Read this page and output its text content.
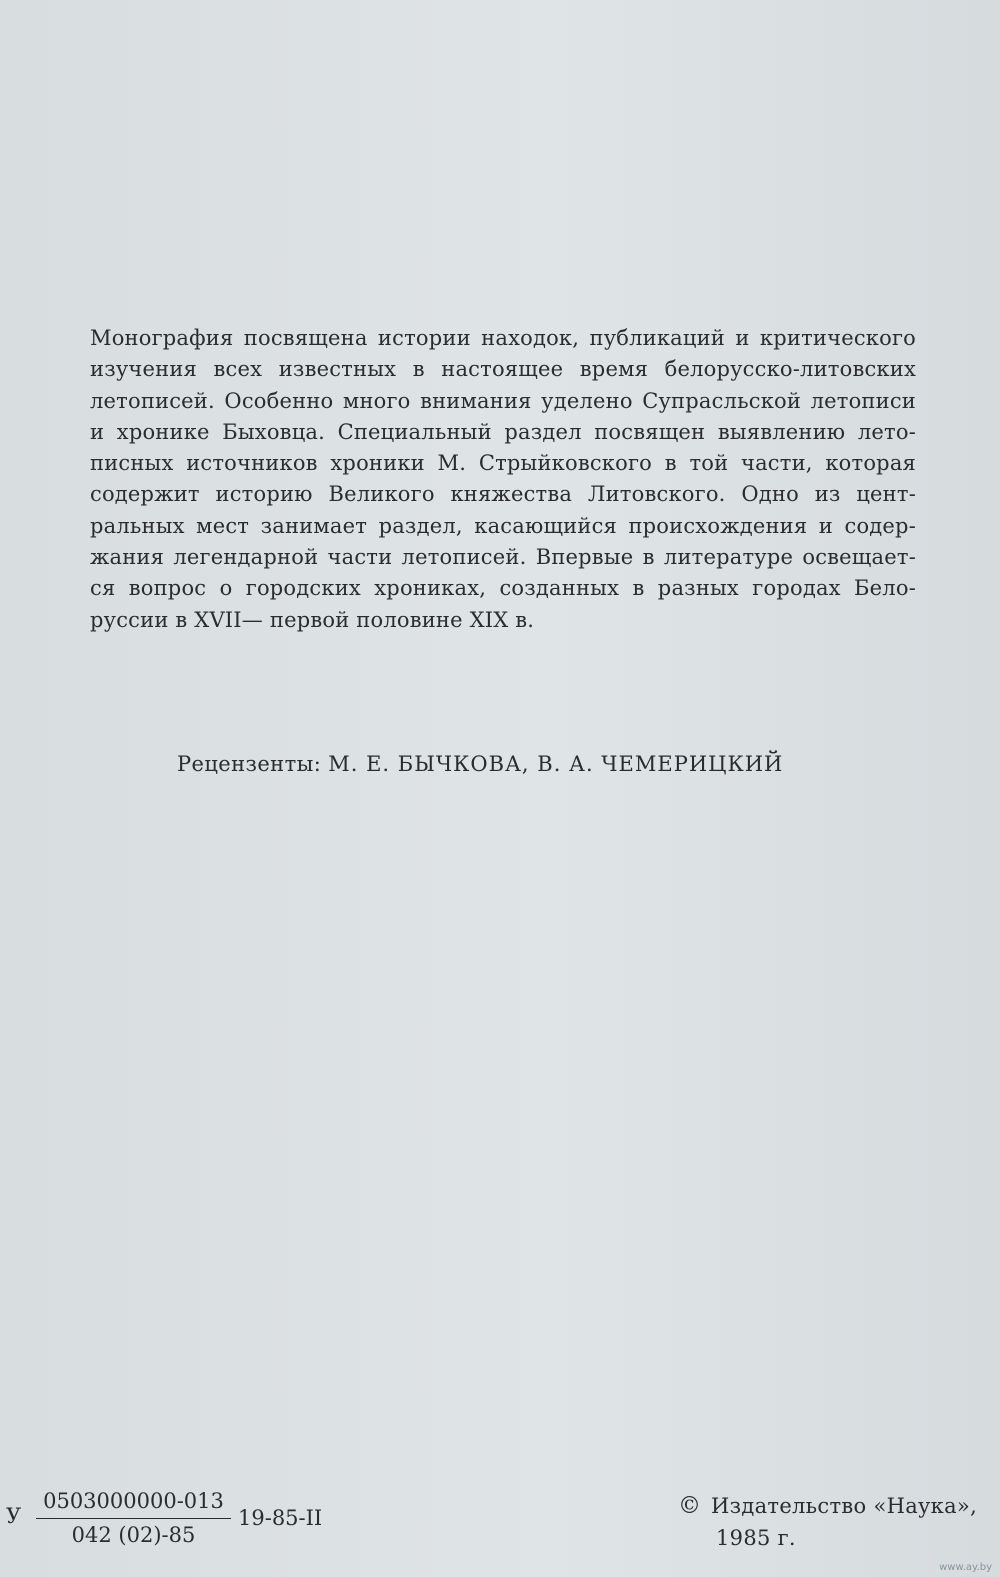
Монография посвящена истории находок, публикаций и критического изучения всех известных в настоящее время белорусско-литовских летописей. Особенно много внимания уделено Супрасльской летописи и хронике Быховца. Специальный раздел посвящен выявлению лето- писных источников хроники М. Стрыйковского в той части, которая содержит историю Великого княжества Литовского. Одно из цент- ральных мест занимает раздел, касающийся происхождения и содер- жания легендарной части летописей. Впервые в литературе освещает- ся вопрос о городских хрониках, созданных в разных городах Бело- руссии в XVII— первой половине XIX в.
Рецензенты: М. Е. БЫЧКОВА, В. А. ЧЕМЕРИЦКИЙ
У
0503000000-013
042 (02)-85
19-85-II	© Издательство «Наука»,
1985 г.
www.ay.by
